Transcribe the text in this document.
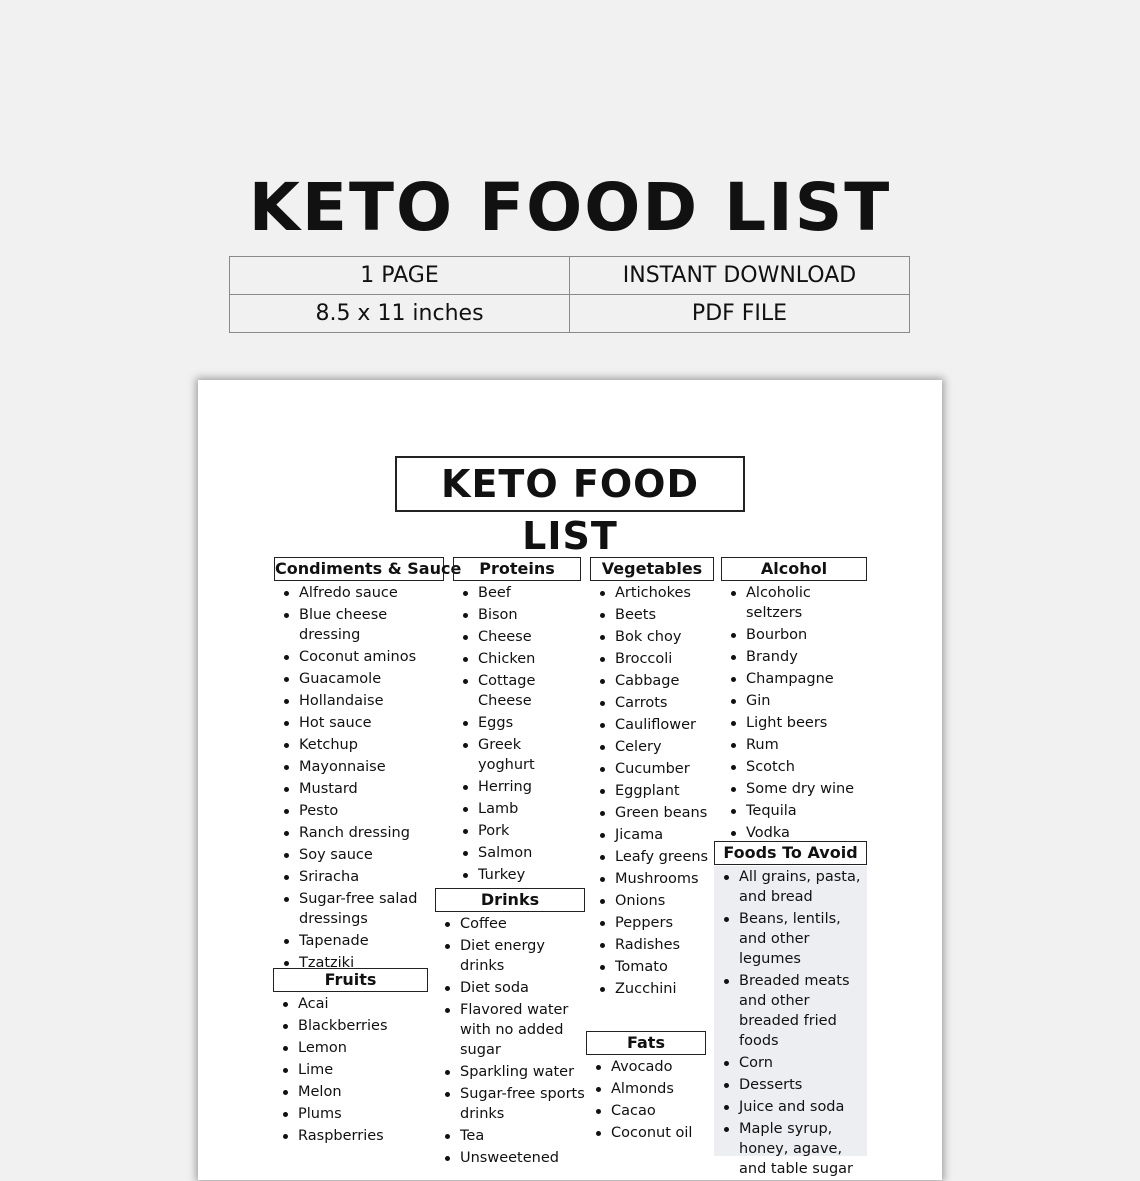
KETO FOOD LIST
1 PAGE	INSTANT DOWNLOAD
8.5 x 11 inches	PDF FILE
KETO FOOD LIST
Condiments & Sauce
Alfredo sauce
Blue cheese dressing
Coconut aminos
Guacamole
Hollandaise
Hot sauce
Ketchup
Mayonnaise
Mustard
Pesto
Ranch dressing
Soy sauce
Sriracha
Sugar-free salad dressings
Tapenade
Tzatziki
Fruits
Acai
Blackberries
Lemon
Lime
Melon
Plums
Raspberries
Proteins
Beef
Bison
Cheese
Chicken
Cottage Cheese
Eggs
Greek yoghurt
Herring
Lamb
Pork
Salmon
Turkey
Drinks
Coffee
Diet energy drinks
Diet soda
Flavored water with no added sugar
Sparkling water
Sugar-free sports drinks
Tea
Unsweetened
Vegetables
Artichokes
Beets
Bok choy
Broccoli
Cabbage
Carrots
Cauliflower
Celery
Cucumber
Eggplant
Green beans
Jicama
Leafy greens
Mushrooms
Onions
Peppers
Radishes
Tomato
Zucchini
Fats
Avocado
Almonds
Cacao
Coconut oil
Alcohol
Alcoholic seltzers
Bourbon
Brandy
Champagne
Gin
Light beers
Rum
Scotch
Some dry wine
Tequila
Vodka
Foods To Avoid
All grains, pasta, and bread
Beans, lentils, and other legumes
Breaded meats and other breaded fried foods
Corn
Desserts
Juice and soda
Maple syrup, honey, agave, and table sugar
